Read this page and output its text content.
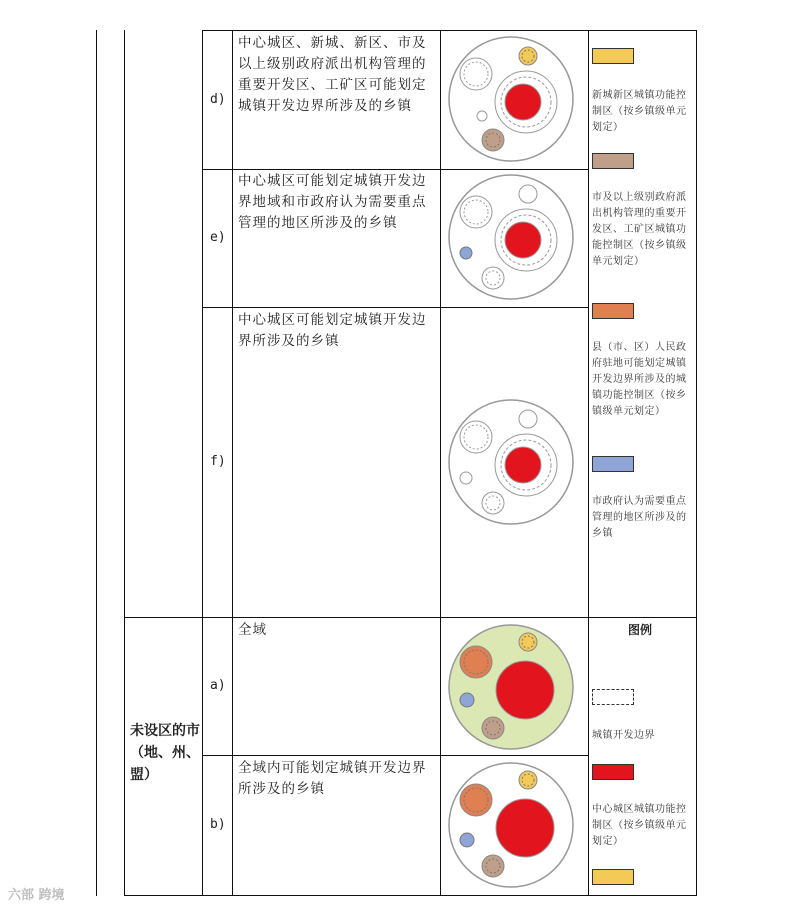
d)
中心城区、新城、新区、市及以上级别政府派出机构管理的重要开发区、工矿区可能划定城镇开发边界所涉及的乡镇
e)
中心城区可能划定城镇开发边界地域和市政府认为需要重点管理的地区所涉及的乡镇
f)
中心城区可能划定城镇开发边界所涉及的乡镇
a)
全域
b)
全域内可能划定城镇开发边界所涉及的乡镇
未设区的市（地、州、盟）
新城新区城镇功能控制区（按乡镇级单元划定）
市及以上级别政府派出机构管理的重要开发区、工矿区城镇功能控制区（按乡镇级单元划定）
县（市、区）人民政府驻地可能划定城镇开发边界所涉及的城镇功能控制区（按乡镇级单元划定）
市政府认为需要重点管理的地区所涉及的乡镇
图例
城镇开发边界
中心城区城镇功能控制区（按乡镇级单元划定）
六部 跨境
